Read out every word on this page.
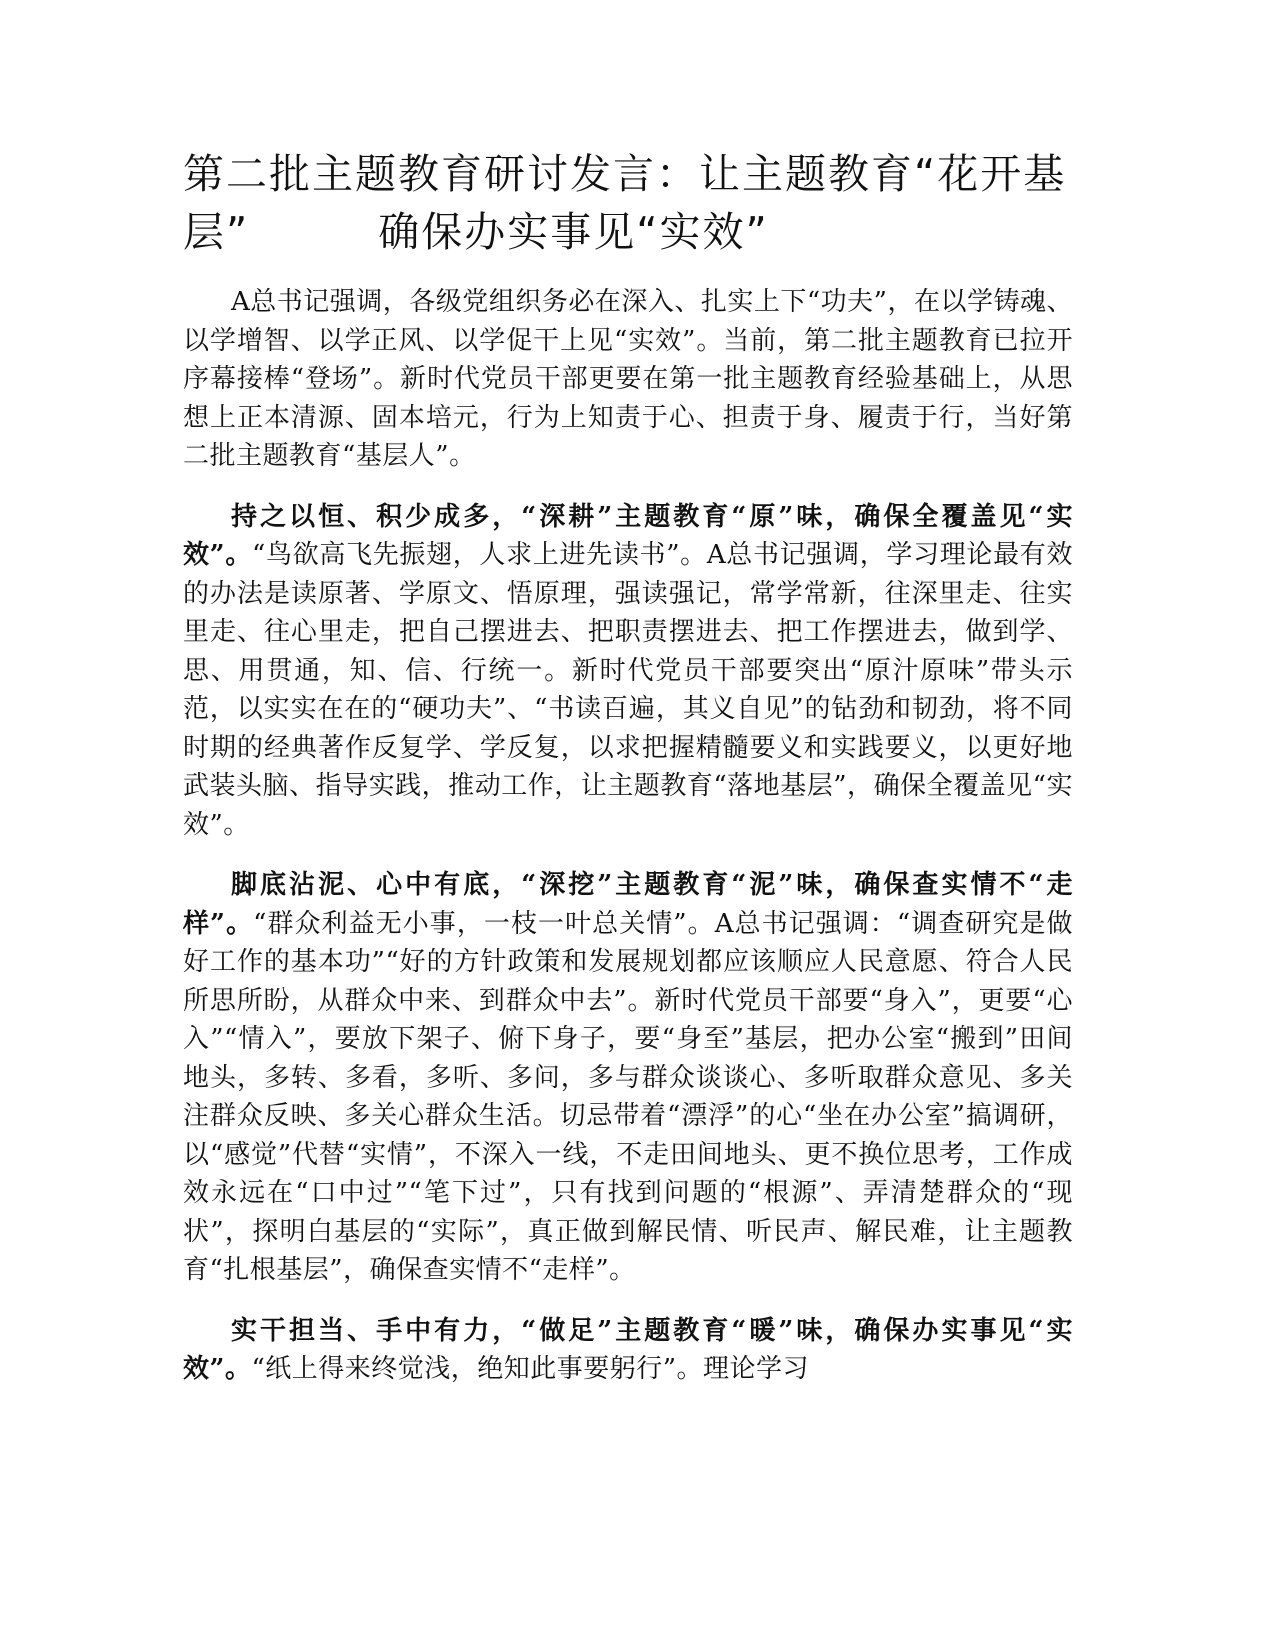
第二批主题教育研讨发言：让主题教育“花开基层”　　　确保办实事见“实效”

A总书记强调，各级党组织务必在深入、扎实上下“功夫”，在以学铸魂、以学增智、以学正风、以学促干上见“实效”。当前，第二批主题教育已拉开序幕接棒“登场”。新时代党员干部更要在第一批主题教育经验基础上，从思想上正本清源、固本培元，行为上知责于心、担责于身、履责于行，当好第二批主题教育“基层人”。

持之以恒、积少成多，“深耕”主题教育“原”味，确保全覆盖见“实效”。“鸟欲高飞先振翅，人求上进先读书”。A总书记强调，学习理论最有效的办法是读原著、学原文、悟原理，强读强记，常学常新，往深里走、往实里走、往心里走，把自己摆进去、把职责摆进去、把工作摆进去，做到学、思、用贯通，知、信、行统一。新时代党员干部要突出“原汁原味”带头示范，以实实在在的“硬功夫”、“书读百遍，其义自见”的钻劲和韧劲，将不同时期的经典著作反复学、学反复，以求把握精髓要义和实践要义，以更好地武装头脑、指导实践，推动工作，让主题教育“落地基层”，确保全覆盖见“实效”。

脚底沾泥、心中有底，“深挖”主题教育“泥”味，确保查实情不“走样”。“群众利益无小事，一枝一叶总关情”。A总书记强调：“调查研究是做好工作的基本功”“好的方针政策和发展规划都应该顺应人民意愿、符合人民所思所盼，从群众中来、到群众中去”。新时代党员干部要“身入”，更要“心入”“情入”，要放下架子、俯下身子，要“身至”基层，把办公室“搬到”田间地头，多转、多看，多听、多问，多与群众谈谈心、多听取群众意见、多关注群众反映、多关心群众生活。切忌带着“漂浮”的心“坐在办公室”搞调研，以“感觉”代替“实情”，不深入一线，不走田间地头、更不换位思考，工作成效永远在“口中过”“笔下过”，只有找到问题的“根源”、弄清楚群众的“现状”，探明白基层的“实际”，真正做到解民情、听民声、解民难，让主题教育“扎根基层”，确保查实情不“走样”。

实干担当、手中有力，“做足”主题教育“暖”味，确保办实事见“实效”。“纸上得来终觉浅，绝知此事要躬行”。理论学习
